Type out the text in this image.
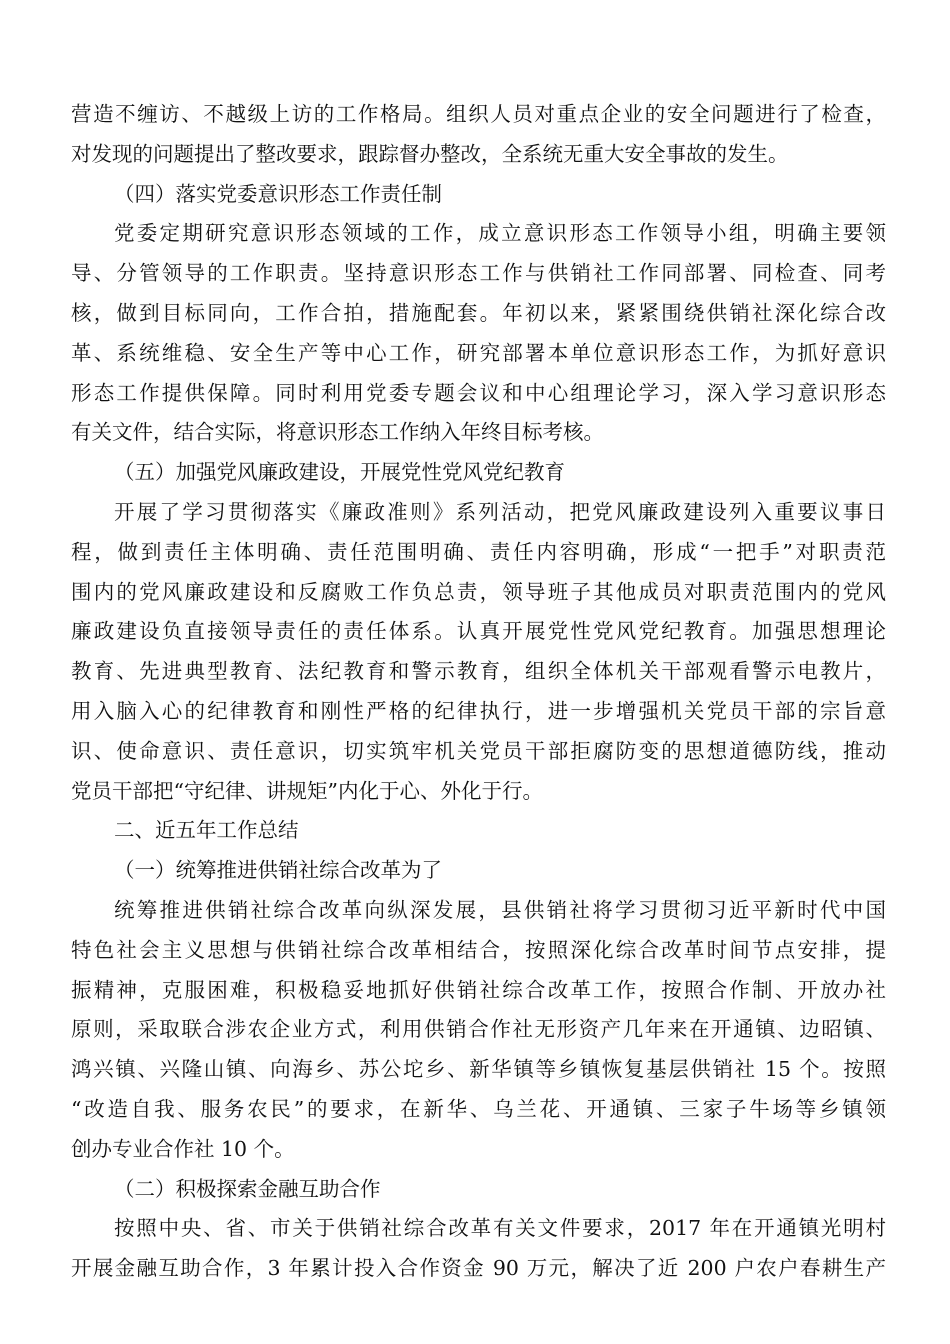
营造不缠访、不越级上访的工作格局。组织人员对重点企业的安全问题进行了检查，
对发现的问题提出了整改要求，跟踪督办整改，全系统无重大安全事故的发生。
（四）落实党委意识形态工作责任制
党委定期研究意识形态领域的工作，成立意识形态工作领导小组，明确主要领
导、分管领导的工作职责。坚持意识形态工作与供销社工作同部署、同检查、同考
核，做到目标同向，工作合拍，措施配套。年初以来，紧紧围绕供销社深化综合改
革、系统维稳、安全生产等中心工作，研究部署本单位意识形态工作，为抓好意识
形态工作提供保障。同时利用党委专题会议和中心组理论学习，深入学习意识形态
有关文件，结合实际，将意识形态工作纳入年终目标考核。
（五）加强党风廉政建设，开展党性党风党纪教育
开展了学习贯彻落实《廉政准则》系列活动，把党风廉政建设列入重要议事日
程，做到责任主体明确、责任范围明确、责任内容明确，形成“一把手”对职责范
围内的党风廉政建设和反腐败工作负总责，领导班子其他成员对职责范围内的党风
廉政建设负直接领导责任的责任体系。认真开展党性党风党纪教育。加强思想理论
教育、先进典型教育、法纪教育和警示教育，组织全体机关干部观看警示电教片，
用入脑入心的纪律教育和刚性严格的纪律执行，进一步增强机关党员干部的宗旨意
识、使命意识、责任意识，切实筑牢机关党员干部拒腐防变的思想道德防线，推动
党员干部把“守纪律、讲规矩”内化于心、外化于行。
二、近五年工作总结
（一）统筹推进供销社综合改革为了
统筹推进供销社综合改革向纵深发展，县供销社将学习贯彻习近平新时代中国
特色社会主义思想与供销社综合改革相结合，按照深化综合改革时间节点安排，提
振精神，克服困难，积极稳妥地抓好供销社综合改革工作，按照合作制、开放办社
原则，采取联合涉农企业方式，利用供销合作社无形资产几年来在开通镇、边昭镇、
鸿兴镇、兴隆山镇、向海乡、苏公坨乡、新华镇等乡镇恢复基层供销社 15 个。按照
“改造自我、服务农民”的要求，在新华、乌兰花、开通镇、三家子牛场等乡镇领
创办专业合作社 10 个。
（二）积极探索金融互助合作
按照中央、省、市关于供销社综合改革有关文件要求，2017 年在开通镇光明村
开展金融互助合作，3 年累计投入合作资金 90 万元，解决了近 200 户农户春耕生产
